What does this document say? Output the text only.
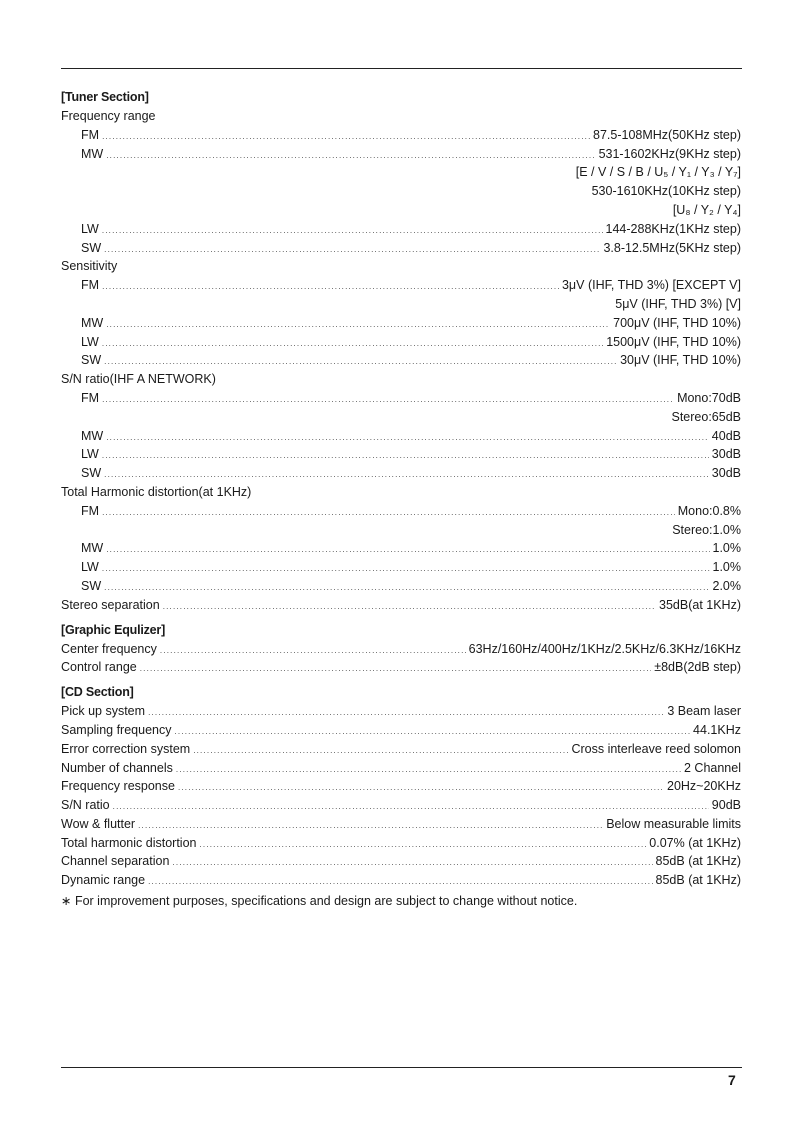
[Tuner Section]
Frequency range
FM .....	87.5-108MHz(50KHz step)
MW .....	531-1602KHz(9KHz step)
[E / V / S / B / U₅ / Y₁ / Y₃ / Y₇]
530-1610KHz(10KHz step)
[U₈ / Y₂ / Y₄]
LW .....	144-288KHz(1KHz step)
SW .....	3.8-12.5MHz(5KHz step)
Sensitivity
FM .....	3μV (IHF, THD 3%) [EXCEPT V]
5μV (IHF, THD 3%) [V]
MW .....	700μV (IHF, THD 10%)
LW .....	1500μV (IHF, THD 10%)
SW .....	30μV (IHF, THD 10%)
S/N ratio(IHF A NETWORK)
FM .....	Mono:70dB
Stereo:65dB
MW .....	40dB
LW .....	30dB
SW .....	30dB
Total Harmonic distortion(at 1KHz)
FM .....	Mono:0.8%
Stereo:1.0%
MW .....	1.0%
LW .....	1.0%
SW .....	2.0%
Stereo separation .....	35dB(at 1KHz)
[Graphic Equlizer]
Center frequency .....	63Hz/160Hz/400Hz/1KHz/2.5KHz/6.3KHz/16KHz
Control range .....	±8dB(2dB step)
[CD Section]
Pick up system .....	3 Beam laser
Sampling frequency .....	44.1KHz
Error correction system .....	Cross interleave reed solomon
Number of channels .....	2 Channel
Frequency response .....	20Hz~20KHz
S/N ratio .....	90dB
Wow & flutter .....	Below measurable limits
Total harmonic distortion .....	0.07% (at 1KHz)
Channel separation .....	85dB (at 1KHz)
Dynamic range .....	85dB (at 1KHz)
∗ For improvement purposes, specifications and design are subject to change without notice.
7
